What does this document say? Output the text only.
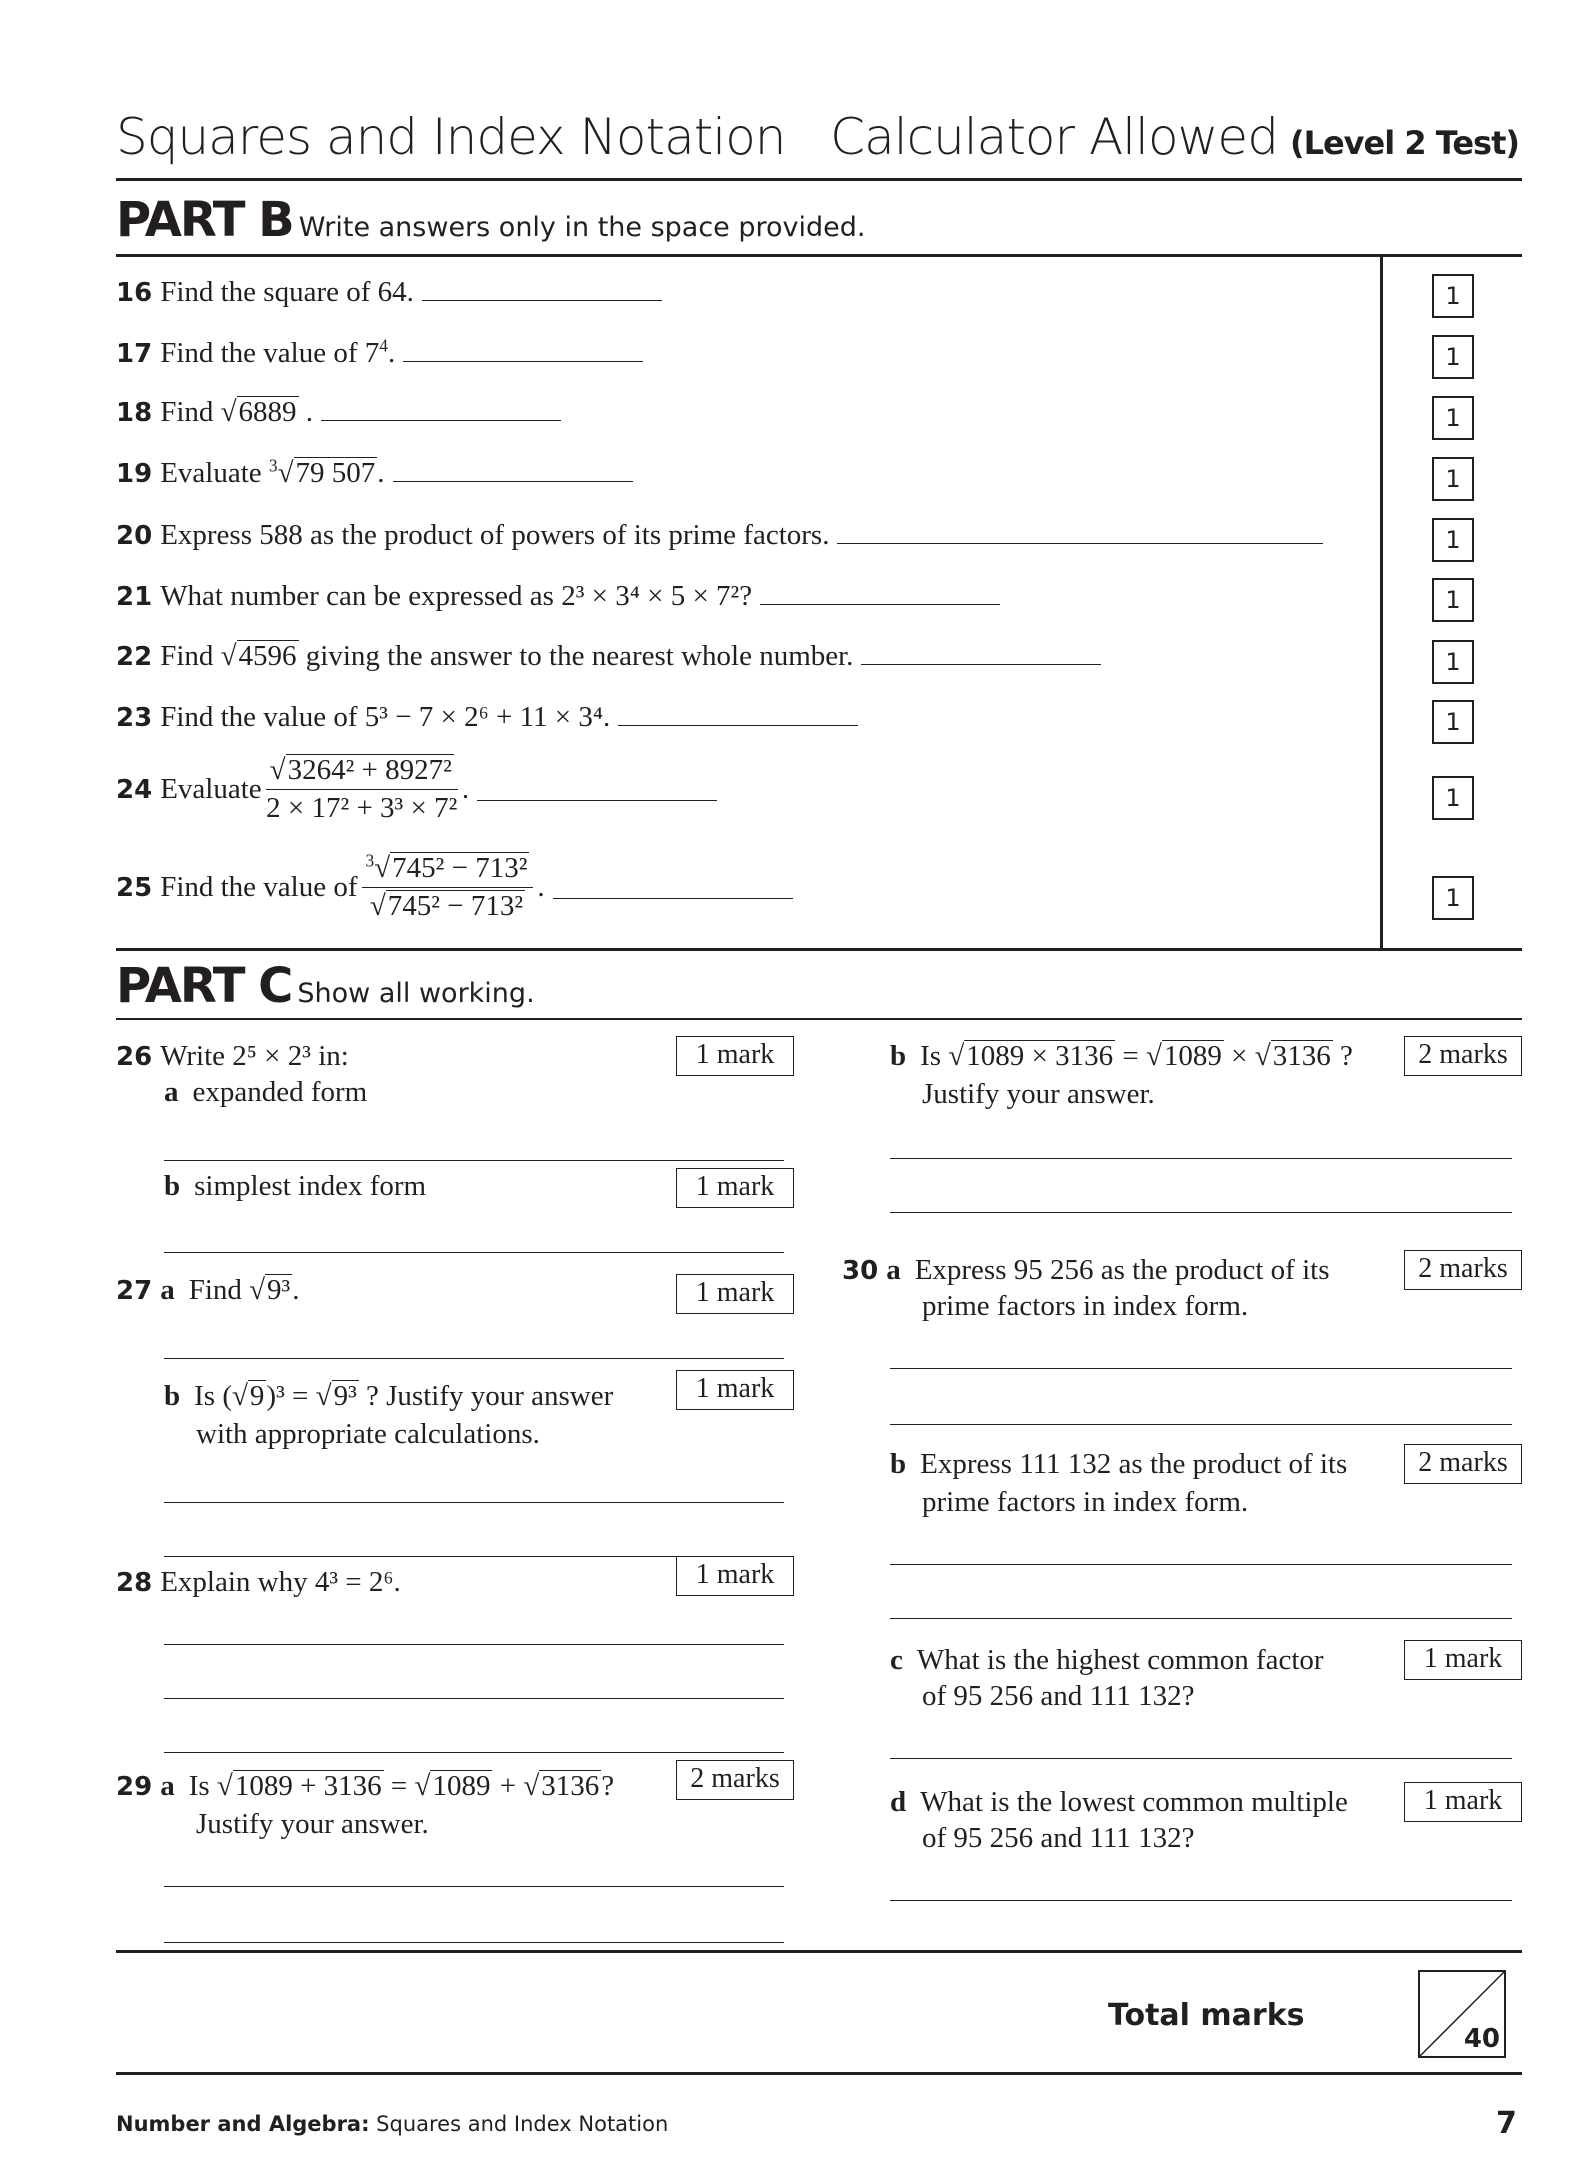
Squares and Index Notation   Calculator Allowed (Level 2 Test)
PART B Write answers only in the space provided.
16 Find the square of 64.	1
17 Find the value of $7^4$.	1
18 Find √6889 .	1
19 Evaluate $^3$√79 507.	1
20 Express 588 as the product of powers of its prime factors.	1
21 What number can be expressed as 2³ × 3⁴ × 5 × 7²?	1
22 Find √4596 giving the answer to the nearest whole number.	1
23 Find the value of 5³ − 7 × 2⁶ + 11 × 3⁴.	1
24 Evaluate $\frac{\text{√3264² + 8927²}}{\text{2 × 17² + 3³ × 7²}}$ .	1
25 Find the value of $\frac{^3√745^2 - 713^2}{\text{√745² − 713²}}$ .	1
PART C Show all working.
26 Write 2⁵ × 2³ in:	1 mark
a expanded form
b simplest index form	1 mark
27 a Find √9³.	1 mark
b Is (√9)³ = √9³ ? Justify your answer
with appropriate calculations.
1 mark
28 Explain why 4³ = 2⁶.	1 mark
29 a Is √1089 + 3136 = √1089 + √3136?
Justify your answer.
2 marks
b Is √1089 × 3136 = √1089 × √3136 ?
Justify your answer.
2 marks
30 a Express 95 256 as the product of its
prime factors in index form.
2 marks
b Express 111 132 as the product of its
prime factors in index form.
2 marks
c What is the highest common factor
of 95 256 and 111 132?
1 mark
d What is the lowest common multiple
of 95 256 and 111 132?
1 mark
Total marks
40
Number and Algebra: Squares and Index Notation	7
